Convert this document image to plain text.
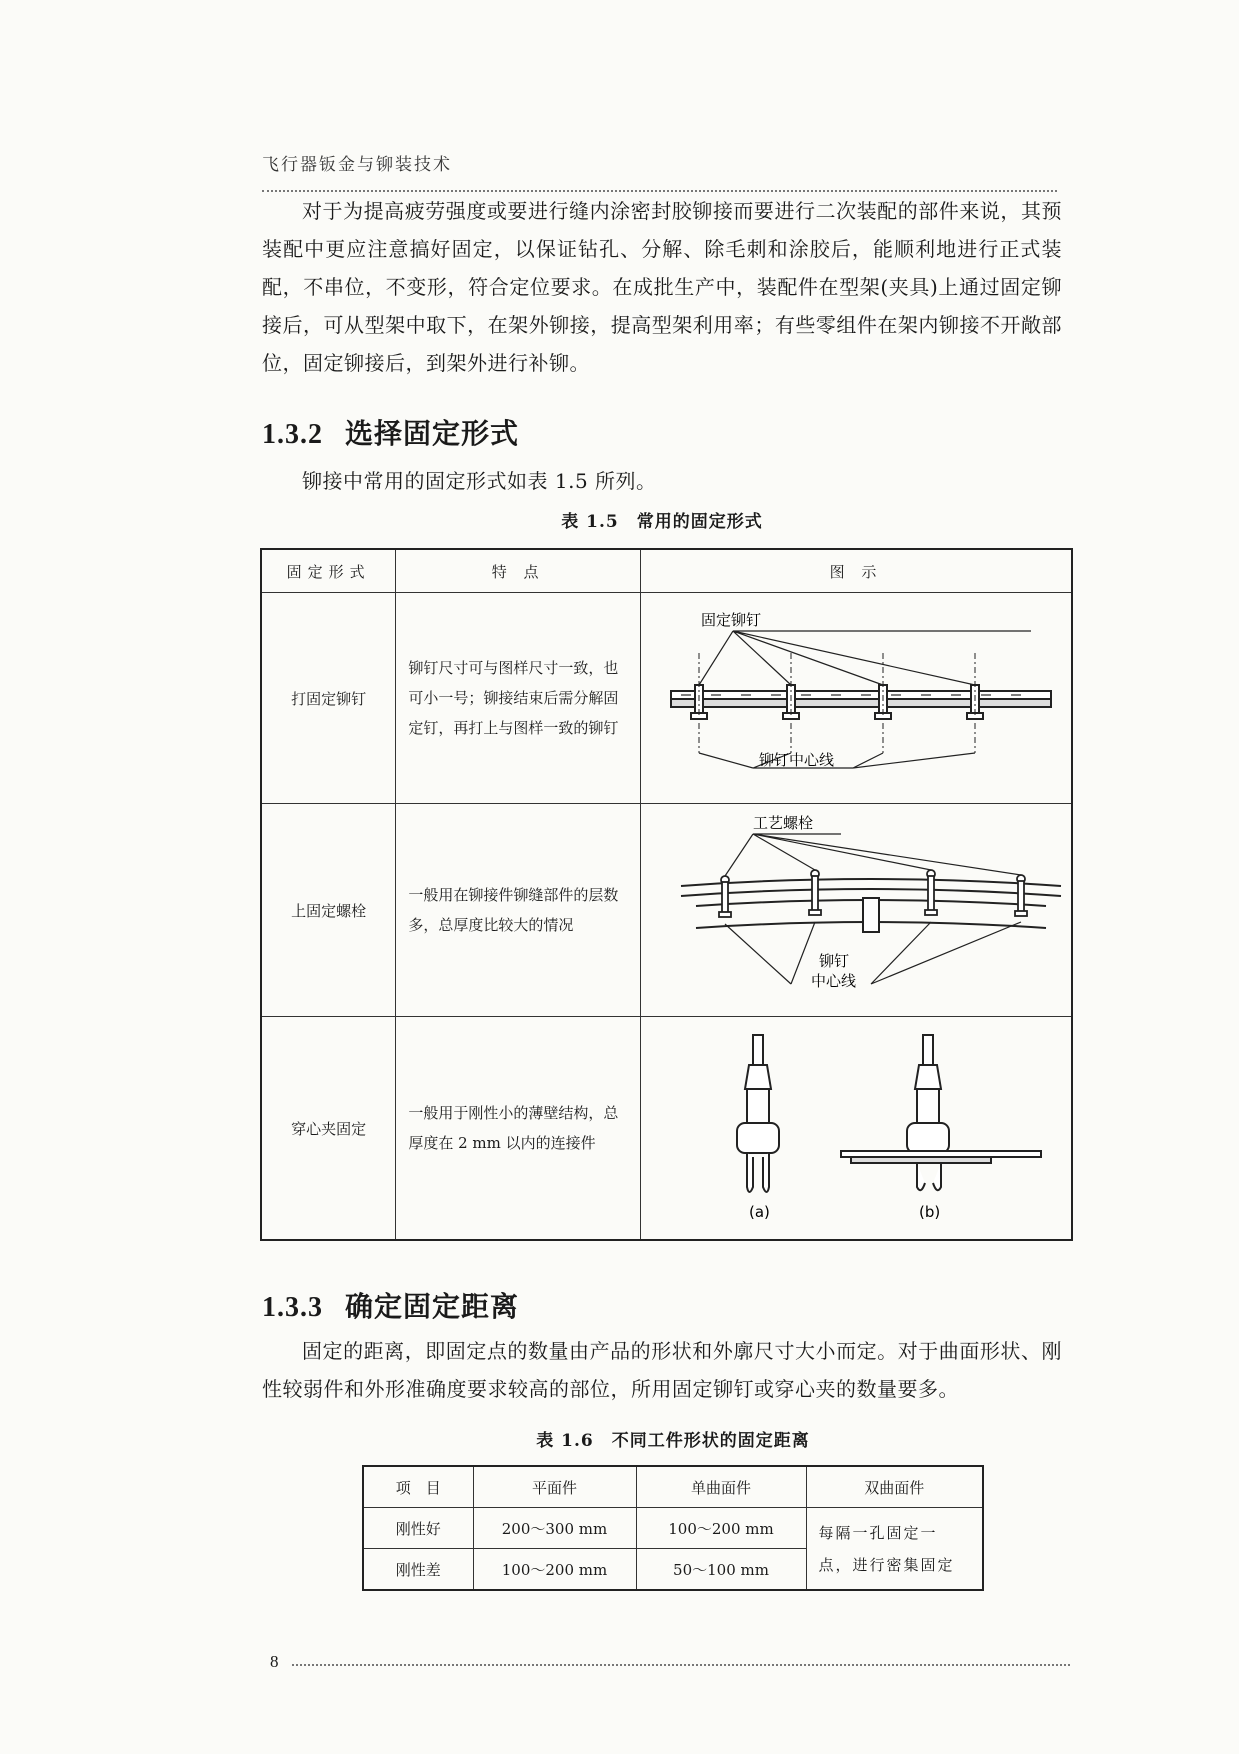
飞行器钣金与铆装技术

对于为提高疲劳强度或要进行缝内涂密封胶铆接而要进行二次装配的部件来说，其预装配中更应注意搞好固定，以保证钻孔、分解、除毛刺和涂胶后，能顺利地进行正式装配，不串位，不变形，符合定位要求。在成批生产中，装配件在型架(夹具)上通过固定铆接后，可从型架中取下，在架外铆接，提高型架利用率；有些零组件在架内铆接不开敞部位，固定铆接后，到架外进行补铆。

1.3.2 选择固定形式

铆接中常用的固定形式如表 1.5 所列。

表 1.5　常用的固定形式
固定形式	特 点	图 示
打固定铆钉	铆钉尺寸可与图样尺寸一致，也可小一号；铆接结束后需分解固定钉，再打上与图样一致的铆钉	固定铆钉
铆钉中心线

上固定螺栓	一般用在铆接件铆缝部件的层数多，总厚度比较大的情况	工艺螺栓
铆钉
中心线

穿心夹固定	一般用于刚性小的薄壁结构，总厚度在 2 mm 以内的连接件	(a) (b)
1.3.3 确定固定距离

固定的距离，即固定点的数量由产品的形状和外廓尺寸大小而定。对于曲面形状、刚性较弱件和外形准确度要求较高的部位，所用固定铆钉或穿心夹的数量要多。

表 1.6　不同工件形状的固定距离
项　目	平面件	单曲面件	双曲面件
刚性好	200～300 mm	100～200 mm	每隔一孔固定一点，进行密集固定
刚性差	100～200 mm	50～100 mm	
8
